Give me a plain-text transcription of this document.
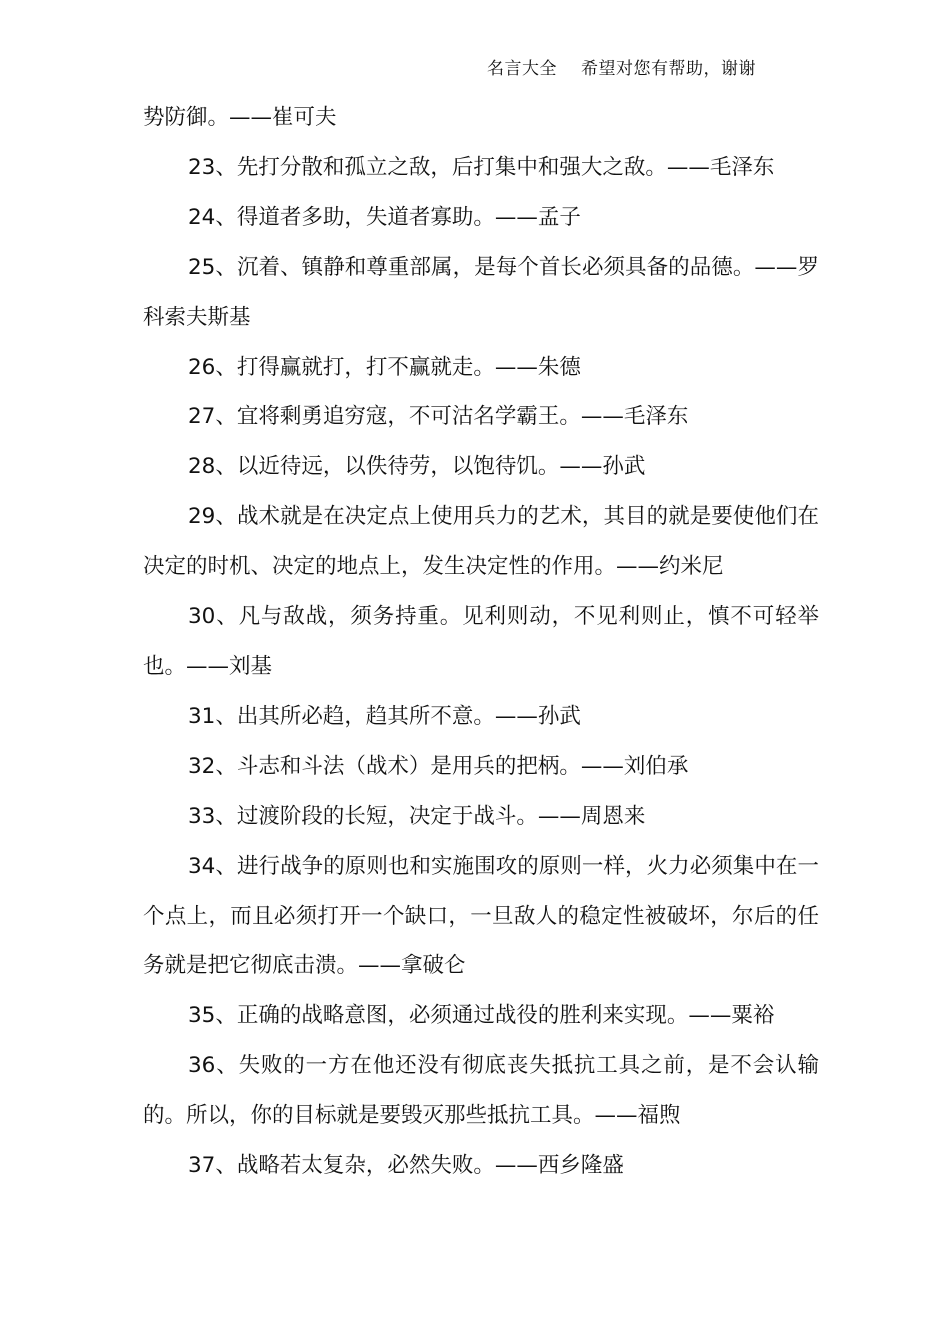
名言大全 希望对您有帮助，谢谢

势防御。——崔可夫

23、先打分散和孤立之敌，后打集中和强大之敌。——毛泽东

24、得道者多助，失道者寡助。——孟子

25、沉着、镇静和尊重部属，是每个首长必须具备的品德。——罗科索夫斯基

26、打得赢就打，打不赢就走。——朱德

27、宜将剩勇追穷寇，不可沽名学霸王。——毛泽东

28、以近待远，以佚待劳，以饱待饥。——孙武

29、战术就是在决定点上使用兵力的艺术，其目的就是要使他们在决定的时机、决定的地点上，发生决定性的作用。——约米尼

30、凡与敌战，须务持重。见利则动，不见利则止，慎不可轻举也。——刘基

31、出其所必趋，趋其所不意。——孙武

32、斗志和斗法（战术）是用兵的把柄。——刘伯承

33、过渡阶段的长短，决定于战斗。——周恩来

34、进行战争的原则也和实施围攻的原则一样，火力必须集中在一个点上，而且必须打开一个缺口，一旦敌人的稳定性被破坏，尔后的任务就是把它彻底击溃。——拿破仑

35、正确的战略意图，必须通过战役的胜利来实现。——粟裕

36、失败的一方在他还没有彻底丧失抵抗工具之前，是不会认输的。所以，你的目标就是要毁灭那些抵抗工具。——福煦

37、战略若太复杂，必然失败。——西乡隆盛
